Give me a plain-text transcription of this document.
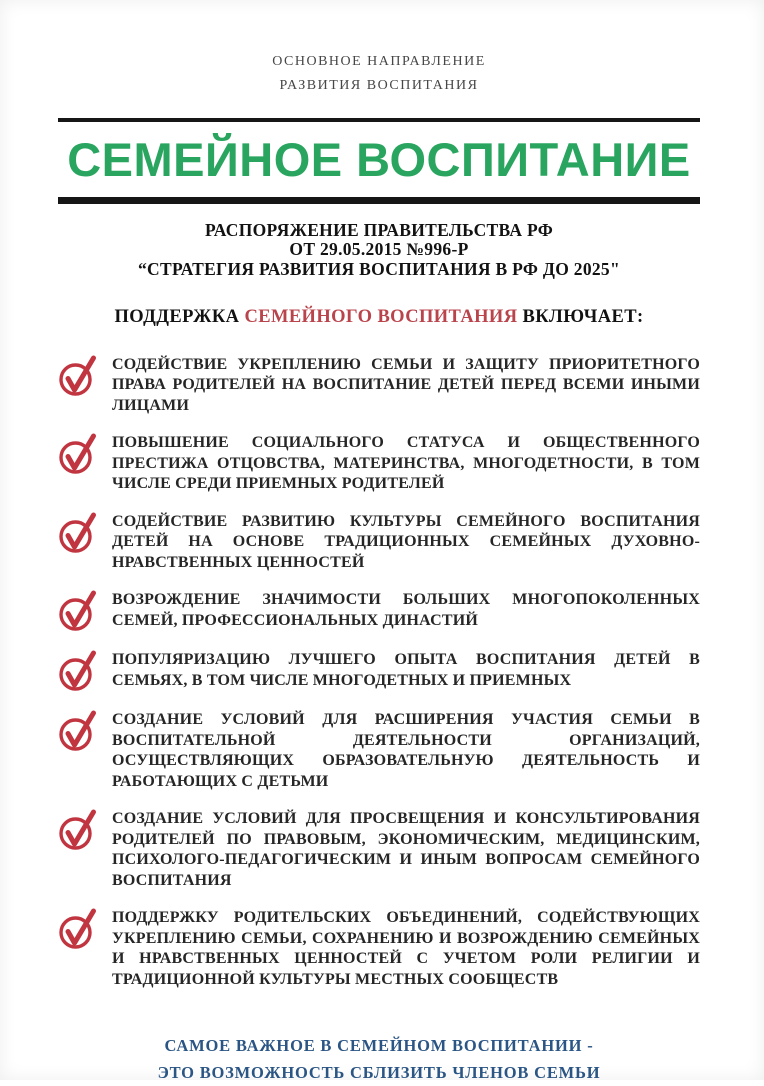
ОСНОВНОЕ НАПРАВЛЕНИЕ
РАЗВИТИЯ ВОСПИТАНИЯ
СЕМЕЙНОЕ ВОСПИТАНИЕ
РАСПОРЯЖЕНИЕ ПРАВИТЕЛЬСТВА РФ
ОТ 29.05.2015 №996-Р
“СТРАТЕГИЯ РАЗВИТИЯ ВОСПИТАНИЯ В РФ ДО 2025"
ПОДДЕРЖКА СЕМЕЙНОГО ВОСПИТАНИЯ ВКЛЮЧАЕТ:
СОДЕЙСТВИЕ УКРЕПЛЕНИЮ СЕМЬИ И ЗАЩИТУ ПРИОРИТЕТНОГО ПРАВА РОДИТЕЛЕЙ НА ВОСПИТАНИЕ ДЕТЕЙ ПЕРЕД ВСЕМИ ИНЫМИ ЛИЦАМИ
ПОВЫШЕНИЕ СОЦИАЛЬНОГО СТАТУСА И ОБЩЕСТВЕННОГО ПРЕСТИЖА ОТЦОВСТВА, МАТЕРИНСТВА, МНОГОДЕТНОСТИ, В ТОМ ЧИСЛЕ СРЕДИ ПРИЕМНЫХ РОДИТЕЛЕЙ
СОДЕЙСТВИЕ РАЗВИТИЮ КУЛЬТУРЫ СЕМЕЙНОГО ВОСПИТАНИЯ ДЕТЕЙ НА ОСНОВЕ ТРАДИЦИОННЫХ СЕМЕЙНЫХ ДУХОВНО-НРАВСТВЕННЫХ ЦЕННОСТЕЙ
ВОЗРОЖДЕНИЕ ЗНАЧИМОСТИ БОЛЬШИХ МНОГОПОКОЛЕННЫХ СЕМЕЙ, ПРОФЕССИОНАЛЬНЫХ ДИНАСТИЙ
ПОПУЛЯРИЗАЦИЮ ЛУЧШЕГО ОПЫТА ВОСПИТАНИЯ ДЕТЕЙ В СЕМЬЯХ, В ТОМ ЧИСЛЕ МНОГОДЕТНЫХ И ПРИЕМНЫХ
СОЗДАНИЕ УСЛОВИЙ ДЛЯ РАСШИРЕНИЯ УЧАСТИЯ СЕМЬИ В ВОСПИТАТЕЛЬНОЙ ДЕЯТЕЛЬНОСТИ ОРГАНИЗАЦИЙ, ОСУЩЕСТВЛЯЮЩИХ ОБРАЗОВАТЕЛЬНУЮ ДЕЯТЕЛЬНОСТЬ И РАБОТАЮЩИХ С ДЕТЬМИ
СОЗДАНИЕ УСЛОВИЙ ДЛЯ ПРОСВЕЩЕНИЯ И КОНСУЛЬТИРОВАНИЯ РОДИТЕЛЕЙ ПО ПРАВОВЫМ, ЭКОНОМИЧЕСКИМ, МЕДИЦИНСКИМ, ПСИХОЛОГО-ПЕДАГОГИЧЕСКИМ И ИНЫМ ВОПРОСАМ СЕМЕЙНОГО ВОСПИТАНИЯ
ПОДДЕРЖКУ РОДИТЕЛЬСКИХ ОБЪЕДИНЕНИЙ, СОДЕЙСТВУЮЩИХ УКРЕПЛЕНИЮ СЕМЬИ, СОХРАНЕНИЮ И ВОЗРОЖДЕНИЮ СЕМЕЙНЫХ И НРАВСТВЕННЫХ ЦЕННОСТЕЙ С УЧЕТОМ РОЛИ РЕЛИГИИ И ТРАДИЦИОННОЙ КУЛЬТУРЫ МЕСТНЫХ СООБЩЕСТВ
САМОЕ ВАЖНОЕ В СЕМЕЙНОМ ВОСПИТАНИИ -
ЭТО ВОЗМОЖНОСТЬ СБЛИЗИТЬ ЧЛЕНОВ СЕМЬИ
